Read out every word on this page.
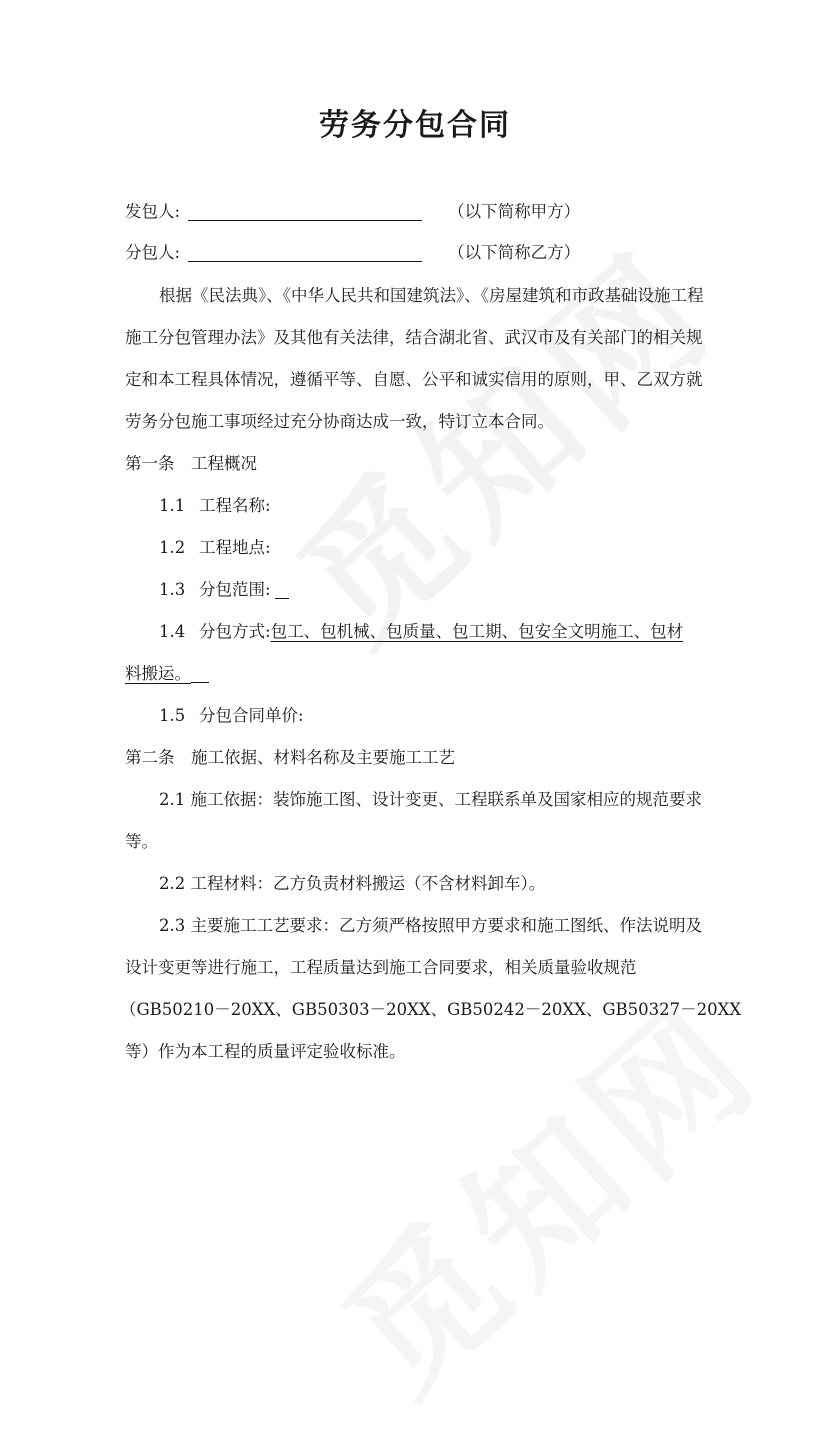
劳务分包合同
发包人:	（以下简称甲方）
分包人:	（以下简称乙方）
根据《民法典》、《中华人民共和国建筑法》、《房屋建筑和市政基础设施工程
施工分包管理办法》及其他有关法律，结合湖北省、武汉市及有关部门的相关规
定和本工程具体情况，遵循平等、自愿、公平和诚实信用的原则，甲、乙双方就
劳务分包施工事项经过充分协商达成一致，特订立本合同。
第一条　工程概况
1.1 工程名称:
1.2 工程地点:
1.3 分包范围:
1.4 分包方式:包工、包机械、包质量、包工期、包安全文明施工、包材
料搬运。
1.5 分包合同单价:
第二条　施工依据、材料名称及主要施工工艺
2.1 施工依据：装饰施工图、设计变更、工程联系单及国家相应的规范要求
等。
2.2 工程材料：乙方负责材料搬运（不含材料卸车）。
2.3 主要施工工艺要求：乙方须严格按照甲方要求和施工图纸、作法说明及
设计变更等进行施工，工程质量达到施工合同要求，相关质量验收规范
（GB50210－20XX、GB50303－20XX、GB50242－20XX、GB50327－20XX
等）作为本工程的质量评定验收标准。
